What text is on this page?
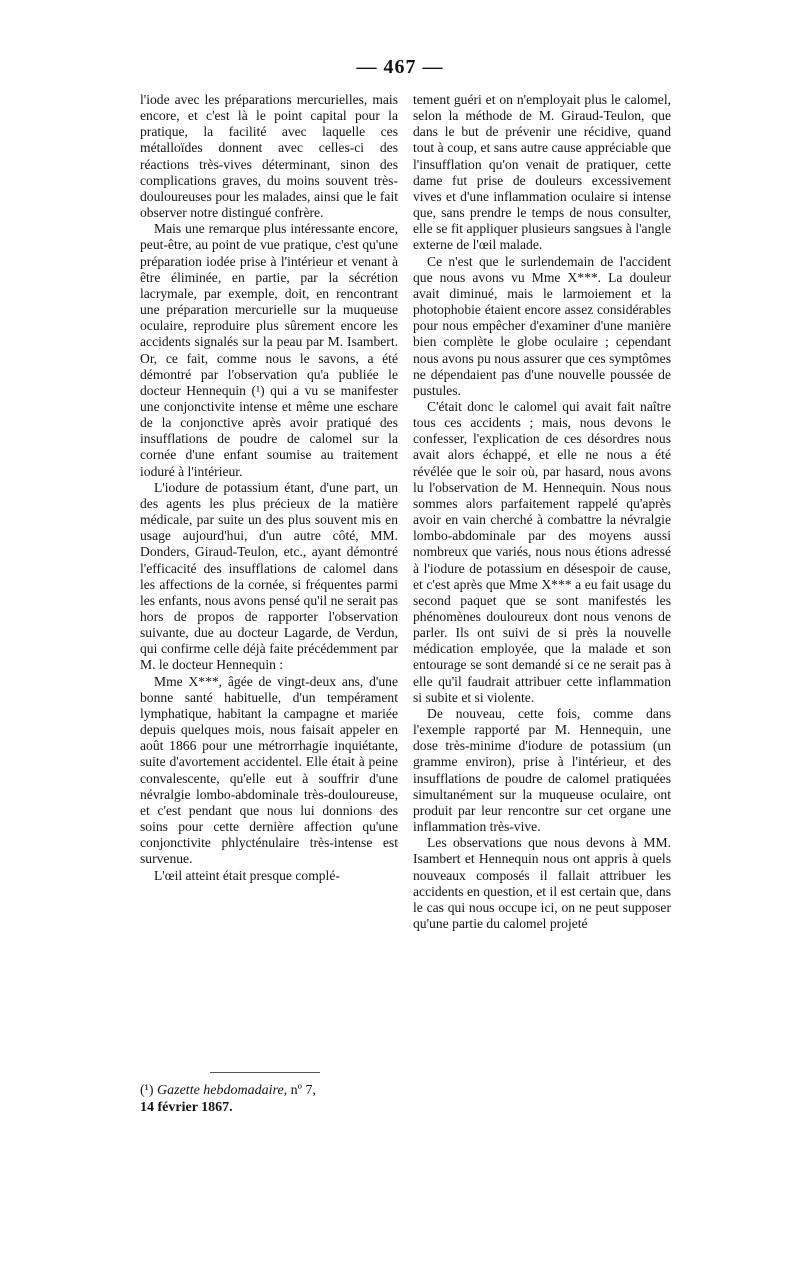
— 467 —

l'iode avec les préparations mercurielles, mais encore, et c'est là le point capital pour la pratique, la facilité avec laquelle ces métalloïdes donnent avec celles-ci des réactions très-vives déterminant, sinon des complications graves, du moins souvent très-douloureuses pour les malades, ainsi que le fait observer notre distingué confrère.

Mais une remarque plus intéressante encore, peut-être, au point de vue pratique, c'est qu'une préparation iodée prise à l'intérieur et venant à être éliminée, en partie, par la sécrétion lacrymale, par exemple, doit, en rencontrant une préparation mercurielle sur la muqueuse oculaire, reproduire plus sûrement encore les accidents signalés sur la peau par M. Isambert. Or, ce fait, comme nous le savons, a été démontré par l'observation qu'a publiée le docteur Hennequin (¹) qui a vu se manifester une conjonctivite intense et même une eschare de la conjonctive après avoir pratiqué des insufflations de poudre de calomel sur la cornée d'une enfant soumise au traitement ioduré à l'intérieur.

L'iodure de potassium étant, d'une part, un des agents les plus précieux de la matière médicale, par suite un des plus souvent mis en usage aujourd'hui, d'un autre côté, MM. Donders, Giraud-Teulon, etc., ayant démontré l'efficacité des insufflations de calomel dans les affections de la cornée, si fréquentes parmi les enfants, nous avons pensé qu'il ne serait pas hors de propos de rapporter l'observation suivante, due au docteur Lagarde, de Verdun, qui confirme celle déjà faite précédemment par M. le docteur Hennequin :

Mme X***, âgée de vingt-deux ans, d'une bonne santé habituelle, d'un tempérament lymphatique, habitant la campagne et mariée depuis quelques mois, nous faisait appeler en août 1866 pour une métrorrhagie inquiétante, suite d'avortement accidentel. Elle était à peine convalescente, qu'elle eut à souffrir d'une névralgie lombo-abdominale très-douloureuse, et c'est pendant que nous lui donnions des soins pour cette dernière affection qu'une conjonctivite phlycténulaire très-intense est survenue.

L'œil atteint était presque complé-

tement guéri et on n'employait plus le calomel, selon la méthode de M. Giraud-Teulon, que dans le but de prévenir une récidive, quand tout à coup, et sans autre cause appréciable que l'insufflation qu'on venait de pratiquer, cette dame fut prise de douleurs excessivement vives et d'une inflammation oculaire si intense que, sans prendre le temps de nous consulter, elle se fit appliquer plusieurs sangsues à l'angle externe de l'œil malade.

Ce n'est que le surlendemain de l'accident que nous avons vu Mme X***. La douleur avait diminué, mais le larmoiement et la photophobie étaient encore assez considérables pour nous empêcher d'examiner d'une manière bien complète le globe oculaire ; cependant nous avons pu nous assurer que ces symptômes ne dépendaient pas d'une nouvelle poussée de pustules.

C'était donc le calomel qui avait fait naître tous ces accidents ; mais, nous devons le confesser, l'explication de ces désordres nous avait alors échappé, et elle ne nous a été révélée que le soir où, par hasard, nous avons lu l'observation de M. Hennequin. Nous nous sommes alors parfaitement rappelé qu'après avoir en vain cherché à combattre la névralgie lombo-abdominale par des moyens aussi nombreux que variés, nous nous étions adressé à l'iodure de potassium en désespoir de cause, et c'est après que Mme X*** a eu fait usage du second paquet que se sont manifestés les phénomènes douloureux dont nous venons de parler. Ils ont suivi de si près la nouvelle médication employée, que la malade et son entourage se sont demandé si ce ne serait pas à elle qu'il faudrait attribuer cette inflammation si subite et si violente.

De nouveau, cette fois, comme dans l'exemple rapporté par M. Hennequin, une dose très-minime d'iodure de potassium (un gramme environ), prise à l'intérieur, et des insufflations de poudre de calomel pratiquées simultanément sur la muqueuse oculaire, ont produit par leur rencontre sur cet organe une inflammation très-vive.

Les observations que nous devons à MM. Isambert et Hennequin nous ont appris à quels nouveaux composés il fallait attribuer les accidents en question, et il est certain que, dans le cas qui nous occupe ici, on ne peut supposer qu'une partie du calomel projeté

(¹) Gazette hebdomadaire, nº 7,
14 février 1867.
